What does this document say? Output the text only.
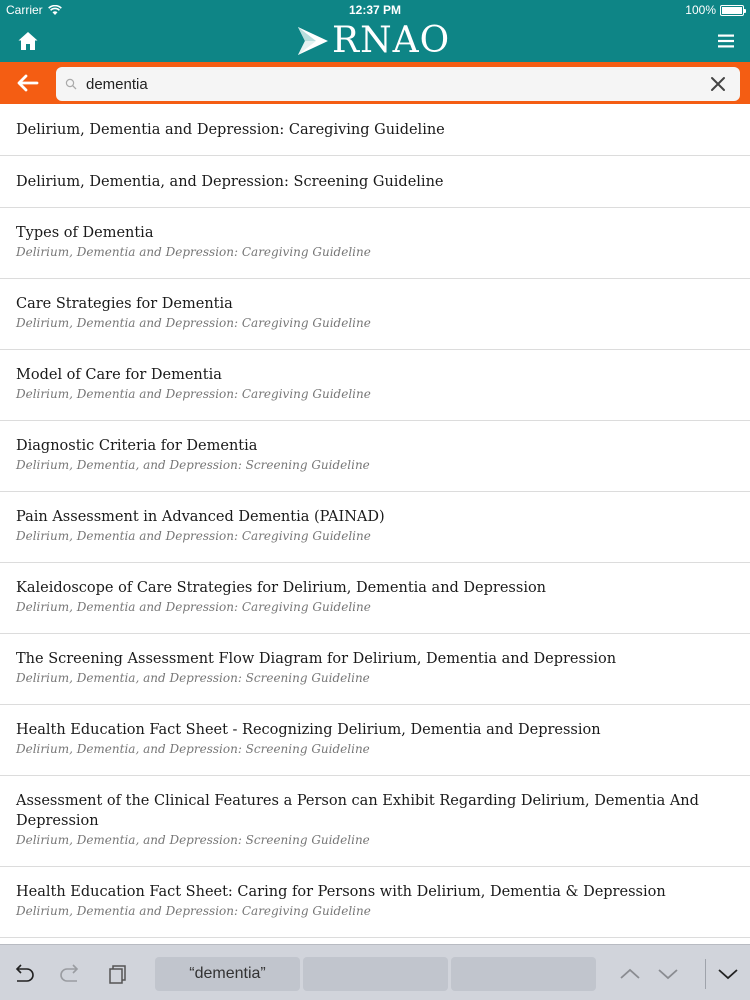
Carrier	12:37 PM	100%
RNAO
dementia
Delirium, Dementia and Depression: Caregiving Guideline
Delirium, Dementia, and Depression: Screening Guideline
Types of Dementia
Delirium, Dementia and Depression: Caregiving Guideline
Care Strategies for Dementia
Delirium, Dementia and Depression: Caregiving Guideline
Model of Care for Dementia
Delirium, Dementia and Depression: Caregiving Guideline
Diagnostic Criteria for Dementia
Delirium, Dementia, and Depression: Screening Guideline
Pain Assessment in Advanced Dementia (PAINAD)
Delirium, Dementia and Depression: Caregiving Guideline
Kaleidoscope of Care Strategies for Delirium, Dementia and Depression
Delirium, Dementia and Depression: Caregiving Guideline
The Screening Assessment Flow Diagram for Delirium, Dementia and Depression
Delirium, Dementia, and Depression: Screening Guideline
Health Education Fact Sheet - Recognizing Delirium, Dementia and Depression
Delirium, Dementia, and Depression: Screening Guideline
Assessment of the Clinical Features a Person can Exhibit Regarding Delirium, Dementia And Depression
Delirium, Dementia, and Depression: Screening Guideline
Health Education Fact Sheet: Caring for Persons with Delirium, Dementia & Depression
Delirium, Dementia and Depression: Caregiving Guideline
“dementia”
